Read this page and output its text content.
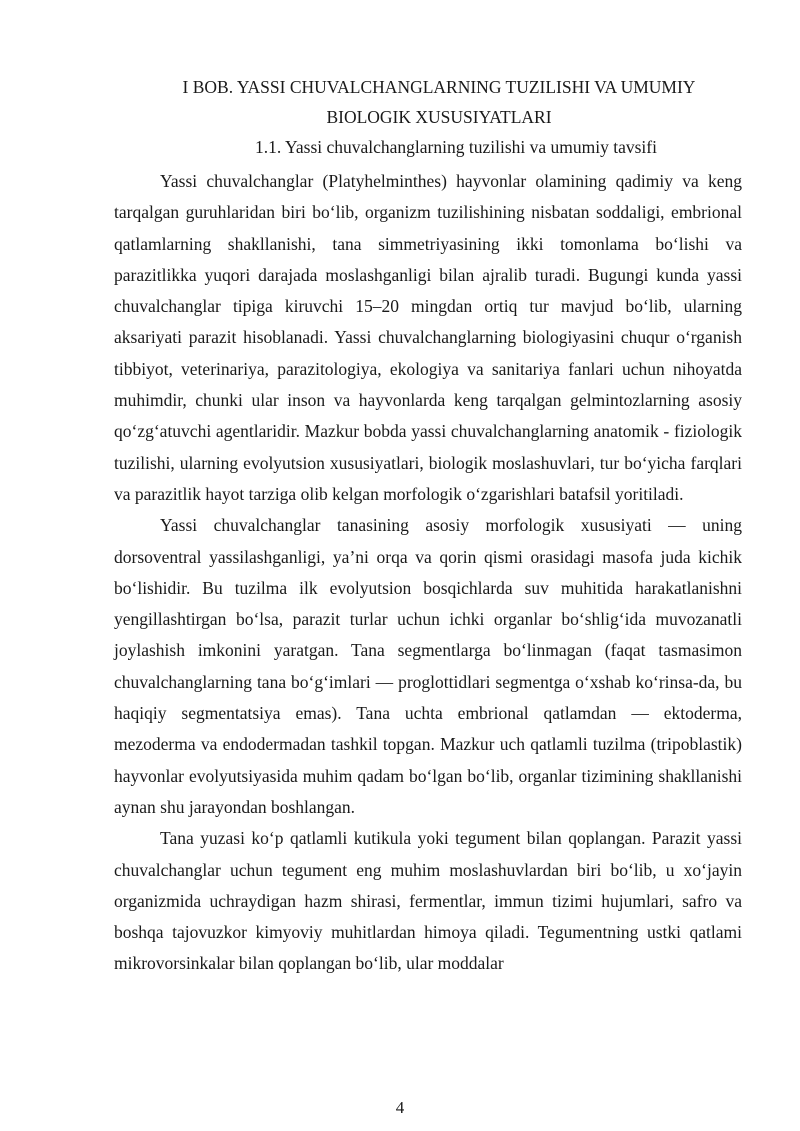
I BOB. YASSI CHUVALCHANGLARNING TUZILISHI VA UMUMIY
BIOLOGIK XUSUSIYATLARI
1.1. Yassi chuvalchanglarning tuzilishi va umumiy tavsifi

Yassi chuvalchanglar (Platyhelminthes) hayvonlar olamining qadimiy va keng tarqalgan guruhlaridan biri bo‘lib, organizm tuzilishining nisbatan soddaligi, embrional qatlamlarning shakllanishi, tana simmetriyasining ikki tomonlama bo‘lishi va parazitlikka yuqori darajada moslashganligi bilan ajralib turadi. Bugungi kunda yassi chuvalchanglar tipiga kiruvchi 15–20 mingdan ortiq tur mavjud bo‘lib, ularning aksariyati parazit hisoblanadi. Yassi chuvalchanglarning biologiyasini chuqur o‘rganish tibbiyot, veterinariya, parazitologiya, ekologiya va sanitariya fanlari uchun nihoyatda muhimdir, chunki ular inson va hayvonlarda keng tarqalgan gelmintozlarning asosiy qo‘zg‘atuvchi agentlaridir. Mazkur bobda yassi chuvalchanglarning anatomik - fiziologik tuzilishi, ularning evolyutsion xususiyatlari, biologik moslashuvlari, tur bo‘yicha farqlari va parazitlik hayot tarziga olib kelgan morfologik o‘zgarishlari batafsil yoritiladi.

Yassi chuvalchanglar tanasining asosiy morfologik xususiyati — uning dorsoventral yassilashganligi, ya’ni orqa va qorin qismi orasidagi masofa juda kichik bo‘lishidir. Bu tuzilma ilk evolyutsion bosqichlarda suv muhitida harakatlanishni yengillashtirgan bo‘lsa, parazit turlar uchun ichki organlar bo‘shlig‘ida muvozanatli joylashish imkonini yaratgan. Tana segmentlarga bo‘linmagan (faqat tasmasimon chuvalchanglarning tana bo‘g‘imlari — proglottidlari segmentga o‘xshab ko‘rinsa-da, bu haqiqiy segmentatsiya emas). Tana uchta embrional qatlamdan — ektoderma, mezoderma va endodermadan tashkil topgan. Mazkur uch qatlamli tuzilma (tripoblastik) hayvonlar evolyutsiyasida muhim qadam bo‘lgan bo‘lib, organlar tizimining shakllanishi aynan shu jarayondan boshlangan.

Tana yuzasi ko‘p qatlamli kutikula yoki tegument bilan qoplangan. Parazit yassi chuvalchanglar uchun tegument eng muhim moslashuvlardan biri bo‘lib, u xo‘jayin organizmida uchraydigan hazm shirasi, fermentlar, immun tizimi hujumlari, safro va boshqa tajovuzkor kimyoviy muhitlardan himoya qiladi. Tegumentning ustki qatlami mikrovorsinkalar bilan qoplangan bo‘lib, ular moddalar

4
